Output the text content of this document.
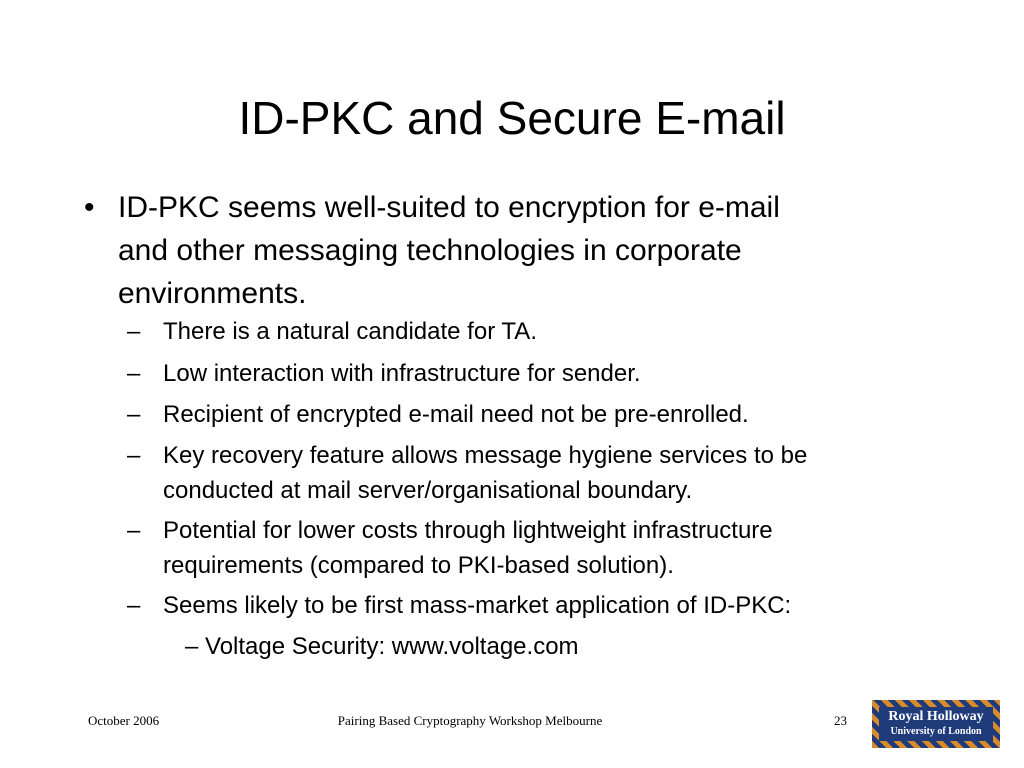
ID-PKC and Secure E-mail
• ID-PKC seems well-suited to encryption for e-mail
and other messaging technologies in corporate
environments.
– There is a natural candidate for TA.
– Low interaction with infrastructure for sender.
– Recipient of encrypted e-mail need not be pre-enrolled.
– Key recovery feature allows message hygiene services to be
conducted at mail server/organisational boundary.
– Potential for lower costs through lightweight infrastructure
requirements (compared to PKI-based solution).
– Seems likely to be first mass-market application of ID-PKC:
– Voltage Security: www.voltage.com
October 2006	Pairing Based Cryptography Workshop Melbourne	23	Royal Holloway
University of London
